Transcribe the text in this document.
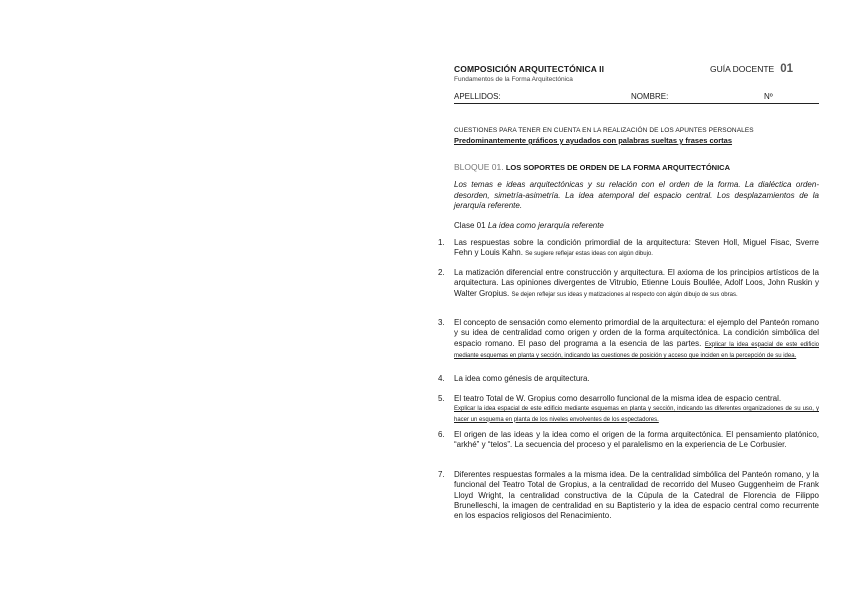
COMPOSICIÓN ARQUITECTÓNICA II
Fundamentos de la Forma Arquitectónica
GUÍA DOCENTE 01
APELLIDOS:	NOMBRE:	Nº
CUESTIONES PARA TENER EN CUENTA EN LA REALIZACIÓN DE LOS APUNTES PERSONALES
Predominantemente gráficos y ayudados con palabras sueltas y frases cortas
BLOQUE 01. LOS SOPORTES DE ORDEN DE LA FORMA ARQUITECTÓNICA
Los temas e ideas arquitectónicas y su relación con el orden de la forma. La dialéctica orden-desorden, simetría-asimetría. La idea atemporal del espacio central. Los desplazamientos de la jerarquía referente.
Clase 01 La idea como jerarquía referente
1. Las respuestas sobre la condición primordial de la arquitectura: Steven Holl, Miguel Fisac, Sverre Fehn y Louis Kahn. Se sugiere reflejar estas ideas con algún dibujo.
2. La matización diferencial entre construcción y arquitectura. El axioma de los principios artísticos de la arquitectura. Las opiniones divergentes de Vitrubio, Etienne Louis Boullée, Adolf Loos, John Ruskin y Walter Gropius. Se dejen reflejar sus ideas y matizaciones al respecto con algún dibujo de sus obras.
3. El concepto de sensación como elemento primordial de la arquitectura: el ejemplo del Panteón romano y su idea de centralidad como origen y orden de la forma arquitectónica. La condición simbólica del espacio romano. El paso del programa a la esencia de las partes. Explicar la idea espacial de este edificio mediante esquemas en planta y sección, indicando las cuestiones de posición y acceso que inciden en la percepción de su idea.
4. La idea como génesis de arquitectura.
5. El teatro Total de W. Gropius como desarrollo funcional de la misma idea de espacio central.
Explicar la idea espacial de este edificio mediante esquemas en planta y sección, indicando las diferentes organizaciones de su uso, y hacer un esquema en planta de los niveles envolventes de los espectadores.
6. El origen de las ideas y la idea como el origen de la forma arquitectónica. El pensamiento platónico, “arkhé” y “telos”. La secuencia del proceso y el paralelismo en la experiencia de Le Corbusier.
7. Diferentes respuestas formales a la misma idea. De la centralidad simbólica del Panteón romano, y la funcional del Teatro Total de Gropius, a la centralidad de recorrido del Museo Guggenheim de Frank Lloyd Wright, la centralidad constructiva de la Cúpula de la Catedral de Florencia de Filippo Brunelleschi, la imagen de centralidad en su Baptisterio y la idea de espacio central como recurrente en los espacios religiosos del Renacimiento.
